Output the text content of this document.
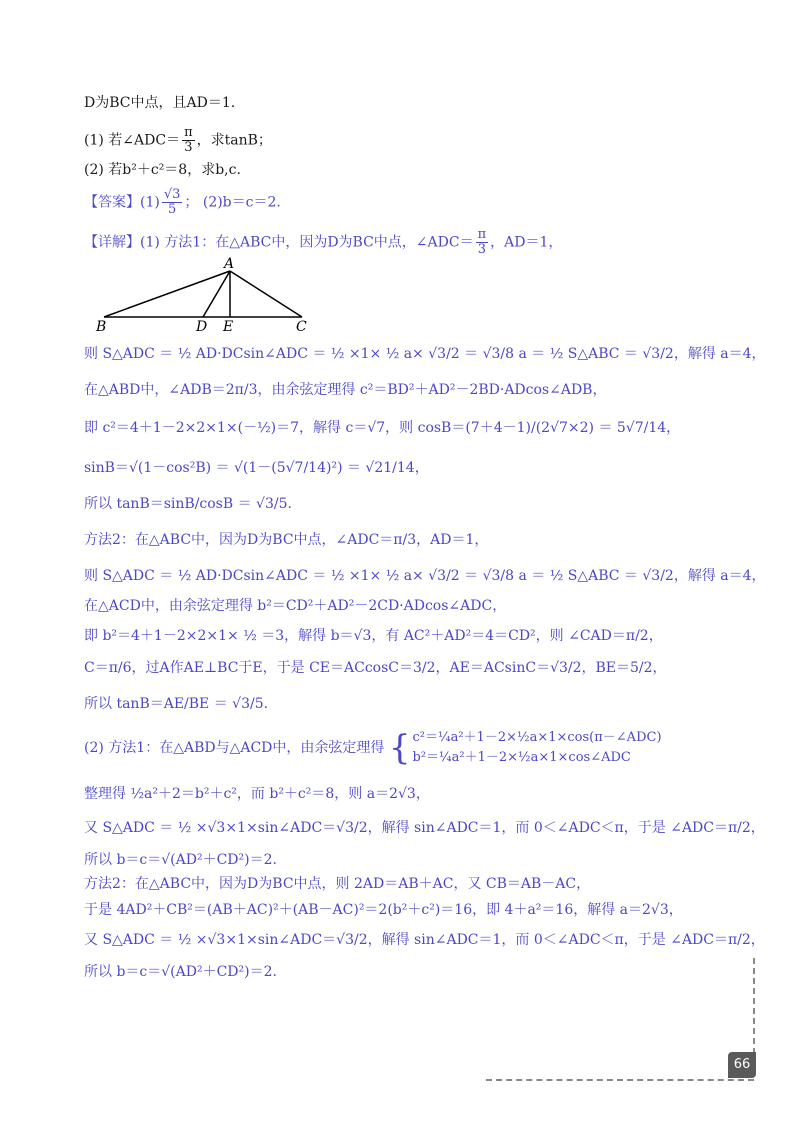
D为BC中点，且AD＝1.
(1) 若∠ADC＝ $\frac{\pi}{3}$ ，求tanB；
(2) 若b²＋c²＝8，求b,c.
【答案】$(1) \frac{√3}{5}$ ； (2)b＝c＝2.
【详解】(1) 方法1：在△ABC中，因为D为BC中点，∠ADC＝ $\frac{\pi}{3}$ ，AD＝1，
A
B	D E	C
则 S△ADC ＝ ½ AD·DCsin∠ADC ＝ ½ ×1× ½ a× √3/2 ＝ √3/8 a ＝ ½ S△ABC ＝ √3/2，解得 a＝4，
在△ABD中，∠ADB＝2π/3，由余弦定理得 c²＝BD²＋AD²－2BD·ADcos∠ADB，
即 c²＝4＋1－2×2×1×(－½)＝7，解得 c＝√7，则 cosB＝(7＋4－1)/(2√7×2) ＝ 5√7/14，
sinB＝√(1－cos²B) ＝ √(1－(5√7/14)²) ＝ √21/14，
所以 tanB＝sinB/cosB ＝ √3/5.
方法2：在△ABC中，因为D为BC中点，∠ADC＝π/3，AD＝1，
则 S△ADC ＝ ½ AD·DCsin∠ADC ＝ ½ ×1× ½ a× √3/2 ＝ √3/8 a ＝ ½ S△ABC ＝ √3/2，解得 a＝4，
在△ACD中，由余弦定理得 b²＝CD²＋AD²－2CD·ADcos∠ADC，
即 b²＝4＋1－2×2×1× ½ ＝3，解得 b＝√3，有 AC²＋AD²＝4＝CD²，则 ∠CAD＝π/2，
C＝π/6，过A作AE⊥BC于E，于是 CE＝ACcosC＝3/2，AE＝ACsinC＝√3/2，BE＝5/2，
所以 tanB＝AE/BE ＝ √3/5.
(2) 方法1：在△ABD与△ACD中，由余弦定理得 { c²＝¼a²＋1－2×½a×1×cos(π－∠ADC)
b²＝¼a²＋1－2×½a×1×cos∠ADC
整理得 ½a²＋2＝b²＋c²，而 b²＋c²＝8，则 a＝2√3，
又 S△ADC ＝ ½ ×√3×1×sin∠ADC＝√3/2，解得 sin∠ADC＝1，而 0＜∠ADC＜π，于是 ∠ADC＝π/2，
所以 b＝c＝√(AD²＋CD²)＝2.
方法2：在△ABC中，因为D为BC中点，则 2AD＝AB＋AC，又 CB＝AB－AC，
于是 4AD²＋CB²＝(AB＋AC)²＋(AB－AC)²＝2(b²＋c²)＝16，即 4＋a²＝16，解得 a＝2√3，
又 S△ADC ＝ ½ ×√3×1×sin∠ADC＝√3/2，解得 sin∠ADC＝1，而 0＜∠ADC＜π，于是 ∠ADC＝π/2，
所以 b＝c＝√(AD²＋CD²)＝2.
66
